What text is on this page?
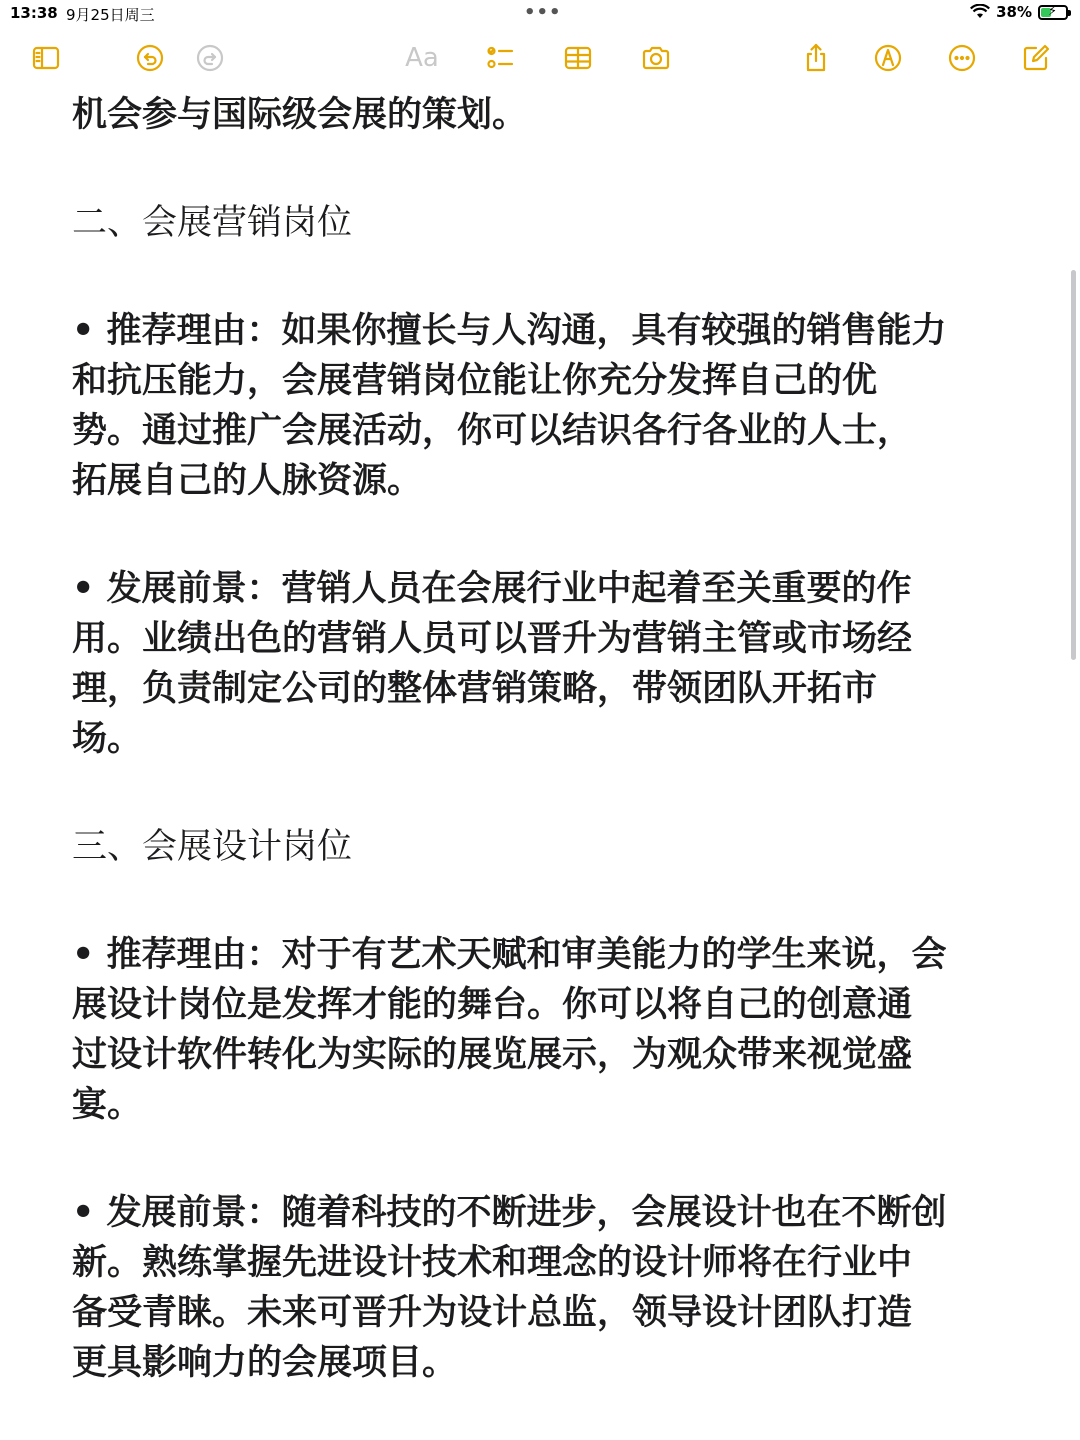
13:38 9月25日周三	•••	38% ⚡
Aa

机会参与国际级会展的策划。

二、会展营销岗位

• 推荐理由：如果你擅长与人沟通，具有较强的销售能力
和抗压能力，会展营销岗位能让你充分发挥自己的优
势。通过推广会展活动，你可以结识各行各业的人士，
拓展自己的人脉资源。

• 发展前景：营销人员在会展行业中起着至关重要的作
用。业绩出色的营销人员可以晋升为营销主管或市场经
理，负责制定公司的整体营销策略，带领团队开拓市
场。

三、会展设计岗位

• 推荐理由：对于有艺术天赋和审美能力的学生来说，会
展设计岗位是发挥才能的舞台。你可以将自己的创意通
过设计软件转化为实际的展览展示，为观众带来视觉盛
宴。

• 发展前景：随着科技的不断进步，会展设计也在不断创
新。熟练掌握先进设计技术和理念的设计师将在行业中
备受青睐。未来可晋升为设计总监，领导设计团队打造
更具影响力的会展项目。
